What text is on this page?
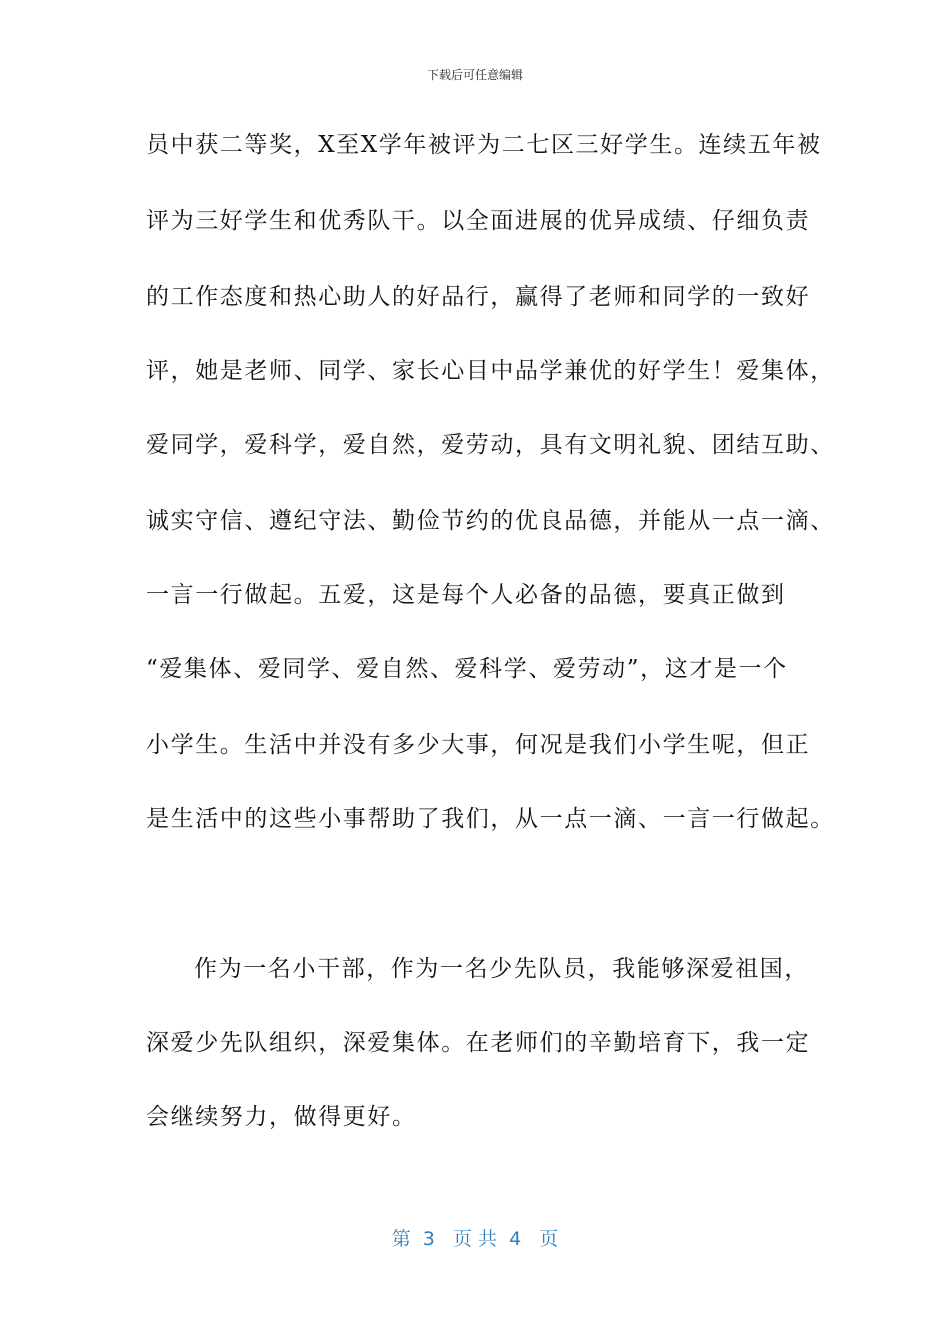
下载后可任意编辑
员中获二等奖，X至X学年被评为二七区三好学生。连续五年被
评为三好学生和优秀队干。以全面进展的优异成绩、仔细负责
的工作态度和热心助人的好品行，赢得了老师和同学的一致好
评，她是老师、同学、家长心目中品学兼优的好学生！爱集体，
爱同学，爱科学，爱自然，爱劳动，具有文明礼貌、团结互助、
诚实守信、遵纪守法、勤俭节约的优良品德，并能从一点一滴、
一言一行做起。五爱，这是每个人必备的品德，要真正做到
“爱集体、爱同学、爱自然、爱科学、爱劳动”，这才是一个
小学生。生活中并没有多少大事，何况是我们小学生呢，但正
是生活中的这些小事帮助了我们，从一点一滴、一言一行做起。
作为一名小干部，作为一名少先队员，我能够深爱祖国，
深爱少先队组织，深爱集体。在老师们的辛勤培育下，我一定
会继续努力，做得更好。
第  3   页 共  4   页
